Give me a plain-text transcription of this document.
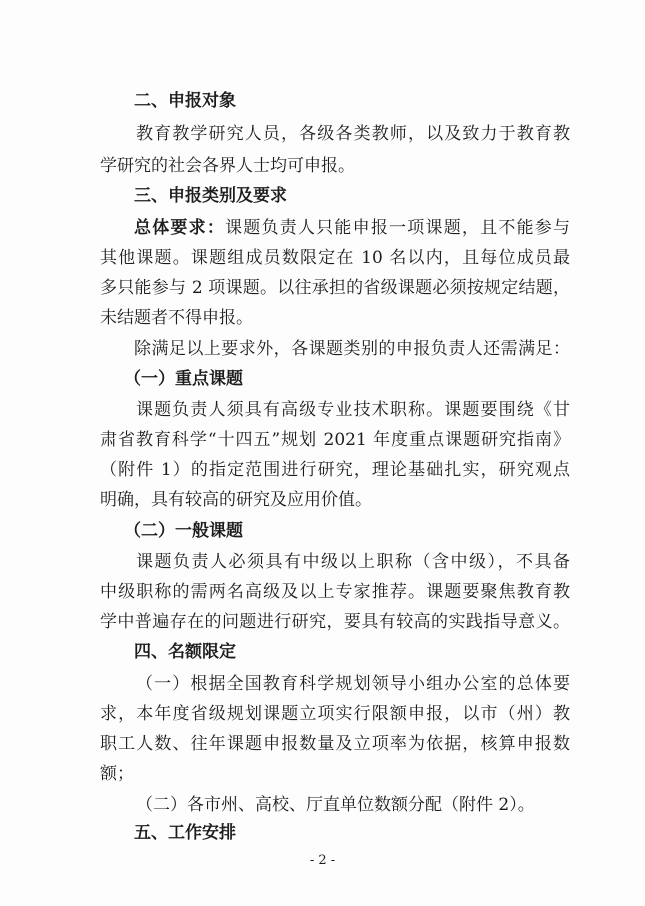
二、申报对象
教育教学研究人员，各级各类教师，以及致力于教育教
学研究的社会各界人士均可申报。
三、申报类别及要求
总体要求：课题负责人只能申报一项课题，且不能参与
其他课题。课题组成员数限定在 10 名以内，且每位成员最
多只能参与 2 项课题。以往承担的省级课题必须按规定结题，
未结题者不得申报。
除满足以上要求外，各课题类别的申报负责人还需满足：
（一）重点课题
课题负责人须具有高级专业技术职称。课题要围绕《甘
肃省教育科学“十四五”规划 2021 年度重点课题研究指南》
（附件 1）的指定范围进行研究，理论基础扎实，研究观点
明确，具有较高的研究及应用价值。
（二）一般课题
课题负责人必须具有中级以上职称（含中级），不具备
中级职称的需两名高级及以上专家推荐。课题要聚焦教育教
学中普遍存在的问题进行研究，要具有较高的实践指导意义。
四、名额限定
（一）根据全国教育科学规划领导小组办公室的总体要
求，本年度省级规划课题立项实行限额申报，以市（州）教
职工人数、往年课题申报数量及立项率为依据，核算申报数
额；
（二）各市州、高校、厅直单位数额分配（附件 2）。
五、工作安排
- 2 -
